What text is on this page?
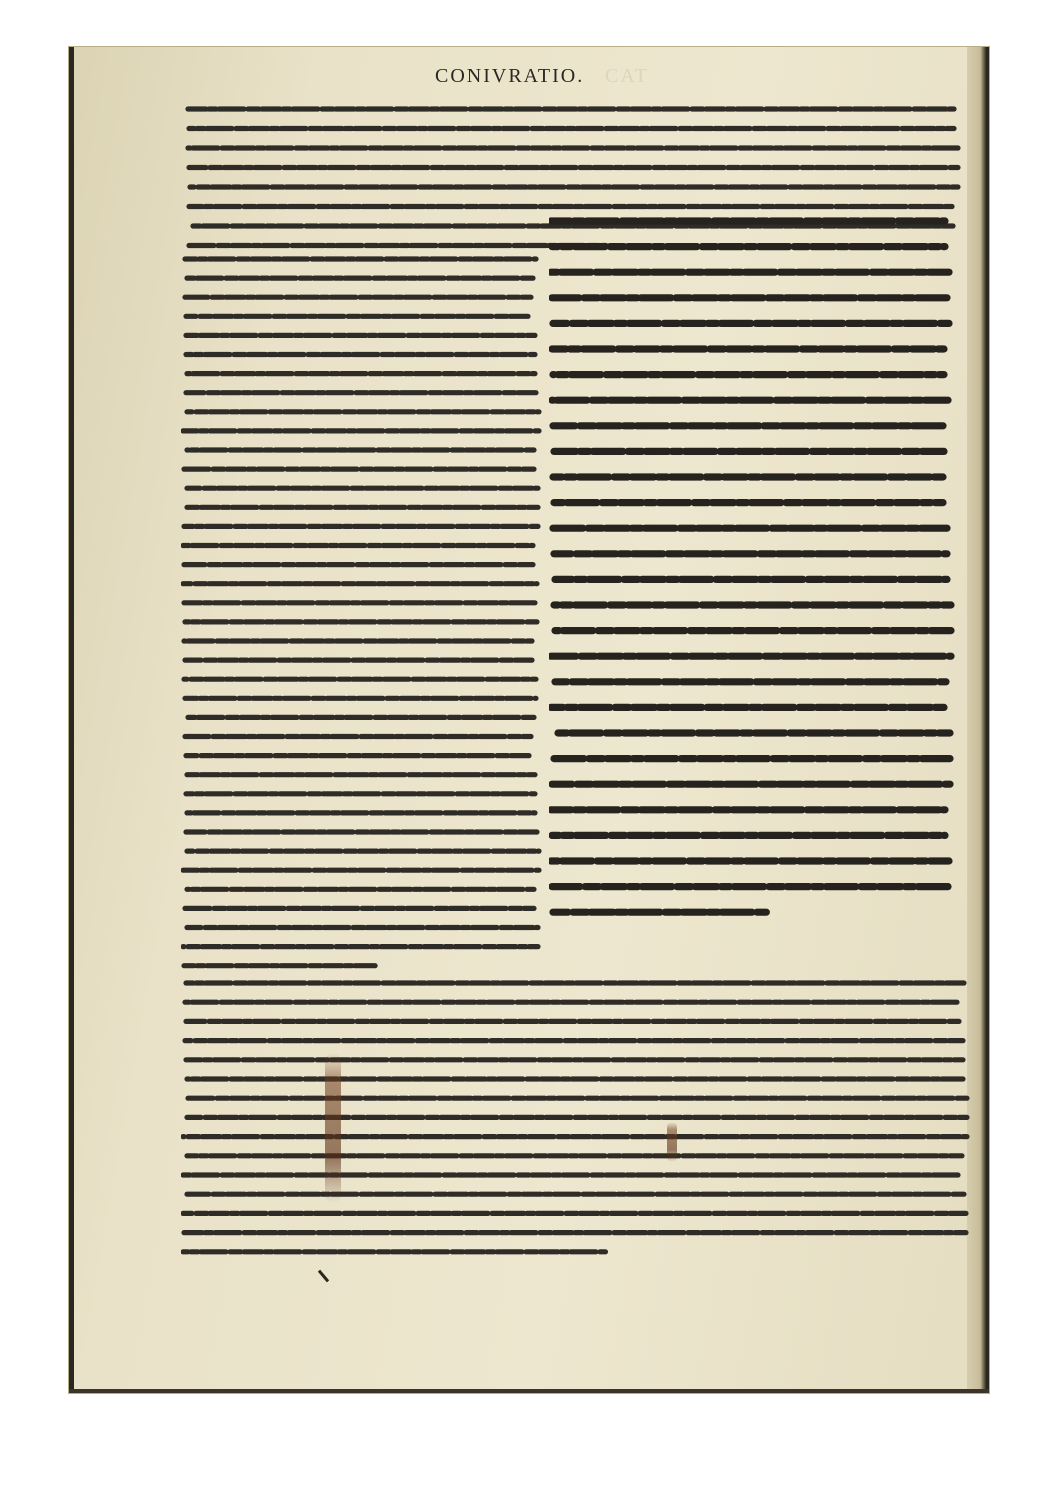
CONIVRATIO. CAT
